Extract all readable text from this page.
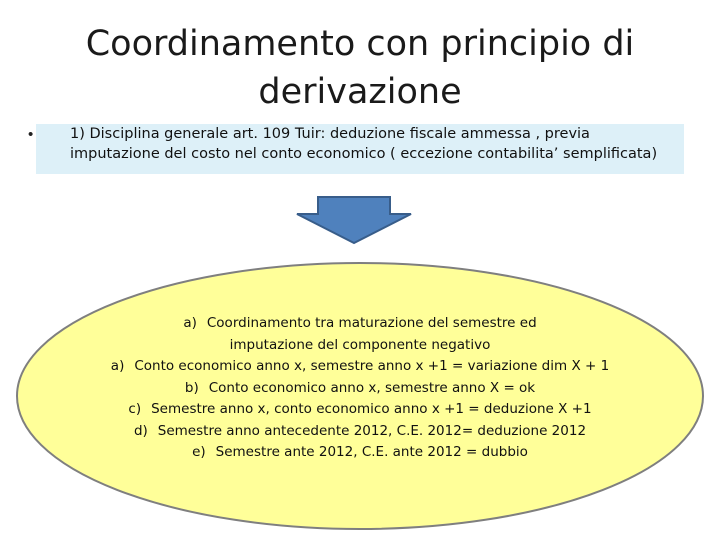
Coordinamento con principio di
derivazione
•	1) Disciplina generale art. 109 Tuir: deduzione fiscale ammessa , previa
imputazione del costo nel conto economico ( eccezione contabilita’ semplificata)
a) Coordinamento tra maturazione del semestre ed
imputazione del componente negativo
a) Conto economico anno x, semestre anno x +1 = variazione dim X + 1
b) Conto economico anno x, semestre anno X = ok
c) Semestre anno x, conto economico anno x +1 = deduzione X +1
d) Semestre anno antecedente 2012, C.E. 2012= deduzione 2012
e) Semestre ante 2012, C.E. ante 2012 = dubbio
